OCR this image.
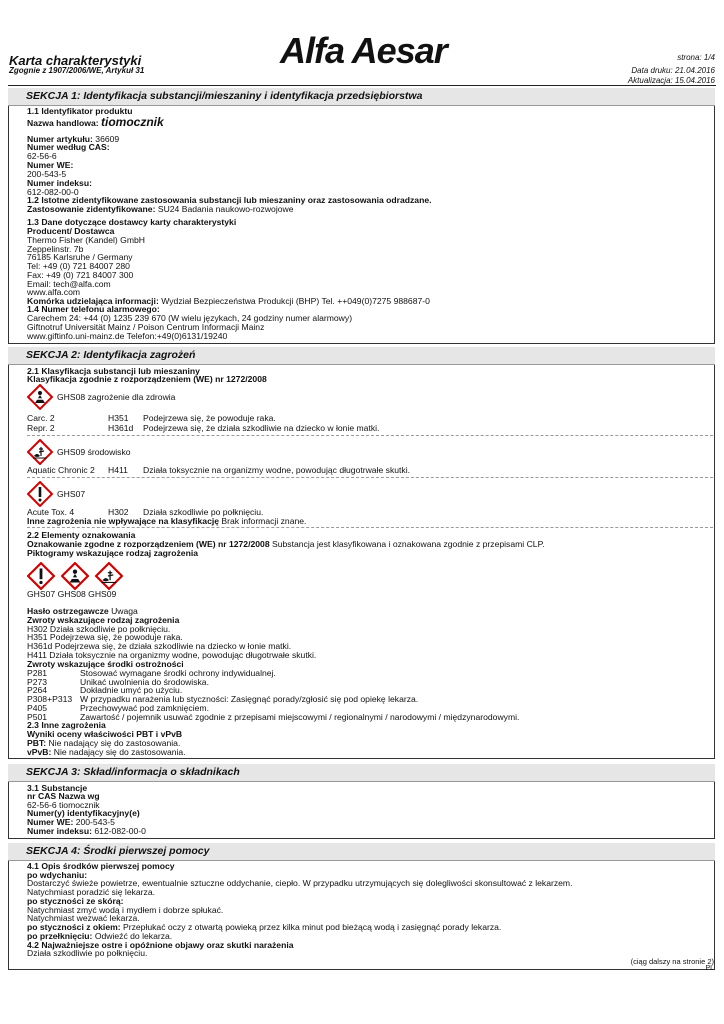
Karta charakterystyki
Zgognie z 1907/2006/WE, Artykuł 31	Alfa Aesar	strona: 1/4
Data druku: 21.04.2016
Aktualizacja: 15.04.2016
SEKCJA 1: Identyfikacja substancji/mieszaniny i identyfikacja przedsiębiorstwa
1.1 Identyfikator produktu
Nazwa handlowa: tiomocznik
Numer artykułu: 36609
Numer według CAS:
62-56-6
Numer WE:
200-543-5
Numer indeksu:
612-082-00-0
1.2 Istotne zidentyfikowane zastosowania substancji lub mieszaniny oraz zastosowania odradzane.
Zastosowanie zidentyfikowane: SU24 Badania naukowo-rozwojowe
1.3 Dane dotyczące dostawcy karty charakterystyki
Producent/ Dostawca
Thermo Fisher (Kandel) GmbH
Zeppelinstr. 7b
76185 Karlsruhe / Germany
Tel: +49 (0) 721 84007 280
Fax: +49 (0) 721 84007 300
Email: tech@alfa.com
www.alfa.com
Komórka udzielająca informacji: Wydział Bezpieczeństwa Produkcji (BHP) Tel. ++049(0)7275 988687-0
1.4 Numer telefonu alarmowego:
Carechem 24: +44 (0) 1235 239 670 (W wielu językach, 24 godziny numer alarmowy)
Giftnotruf Universität Mainz / Poison Centrum Informacji Mainz
www.giftinfo.uni-mainz.de Telefon:+49(0)6131/19240
SEKCJA 2: Identyfikacja zagrożeń
2.1 Klasyfikacja substancji lub mieszaniny
Klasyfikacja zgodnie z rozporządzeniem (WE) nr 1272/2008
GHS08 zagrożenie dla zdrowia
Carc. 2	H351 Podejrzewa się, że powoduje raka.
Repr. 2	H361d Podejrzewa się, że działa szkodliwie na dziecko w łonie matki.
GHS09 środowisko
Aquatic Chronic 2 H411 Działa toksycznie na organizmy wodne, powodując długotrwałe skutki.
GHS07
Acute Tox. 4	H302 Działa szkodliwie po połknięciu.
Inne zagrożenia nie wpływające na klasyfikację Brak informacji znane.
2.2 Elementy oznakowania
Oznakowanie zgodne z rozporządzeniem (WE) nr 1272/2008 Substancja jest klasyfikowana i oznakowana zgodnie z przepisami CLP.
Piktogramy wskazujące rodzaj zagrożenia
GHS07 GHS08 GHS09
Hasło ostrzegawcze Uwaga
Zwroty wskazujące rodzaj zagrożenia
H302 Działa szkodliwie po połknięciu.
H351 Podejrzewa się, że powoduje raka.
H361d Podejrzewa się, że działa szkodliwie na dziecko w łonie matki.
H411 Działa toksycznie na organizmy wodne, powodując długotrwałe skutki.
Zwroty wskazujące środki ostrożności
P281	Stosować wymagane środki ochrony indywidualnej.
P273	Unikać uwolnienia do środowiska.
P264	Dokładnie umyć po użyciu.
P308+P313 W przypadku narażenia lub styczności: Zasięgnąć porady/zgłosić się pod opiekę lekarza.
P405	Przechowywać pod zamknięciem.
P501	Zawartość / pojemnik usuwać zgodnie z przepisami miejscowymi / regionalnymi / narodowymi / międzynarodowymi.
2.3 Inne zagrożenia
Wyniki oceny właściwości PBT i vPvB
PBT: Nie nadający się do zastosowania.
vPvB: Nie nadający się do zastosowania.
SEKCJA 3: Skład/informacja o składnikach
3.1 Substancje
nr CAS Nazwa wg
62-56-6 tiomocznik
Numer(y) identyfikacyjny(e)
Numer WE: 200-543-5
Numer indeksu: 612-082-00-0
SEKCJA 4: Środki pierwszej pomocy
4.1 Opis środków pierwszej pomocy
po wdychaniu:
Dostarczyć świeże powietrze, ewentualnie sztuczne oddychanie, ciepło. W przypadku utrzymujących się dolegliwości skonsultować z lekarzem.
Natychmiast poradzić się lekarza.
po styczności ze skórą:
Natychmiast zmyć wodą i mydłem i dobrze spłukać.
Natychmiast wezwać lekarza.
po styczności z okiem: Przepłukać oczy z otwartą powieką przez kilka minut pod bieżącą wodą i zasięgnąć porady lekarza.
po przełknięciu: Odwieźć do lekarza.
4.2 Najważniejsze ostre i opóźnione objawy oraz skutki narażenia
Działa szkodliwie po połknięciu.
(ciąg dalszy na stronie 2)
PL
